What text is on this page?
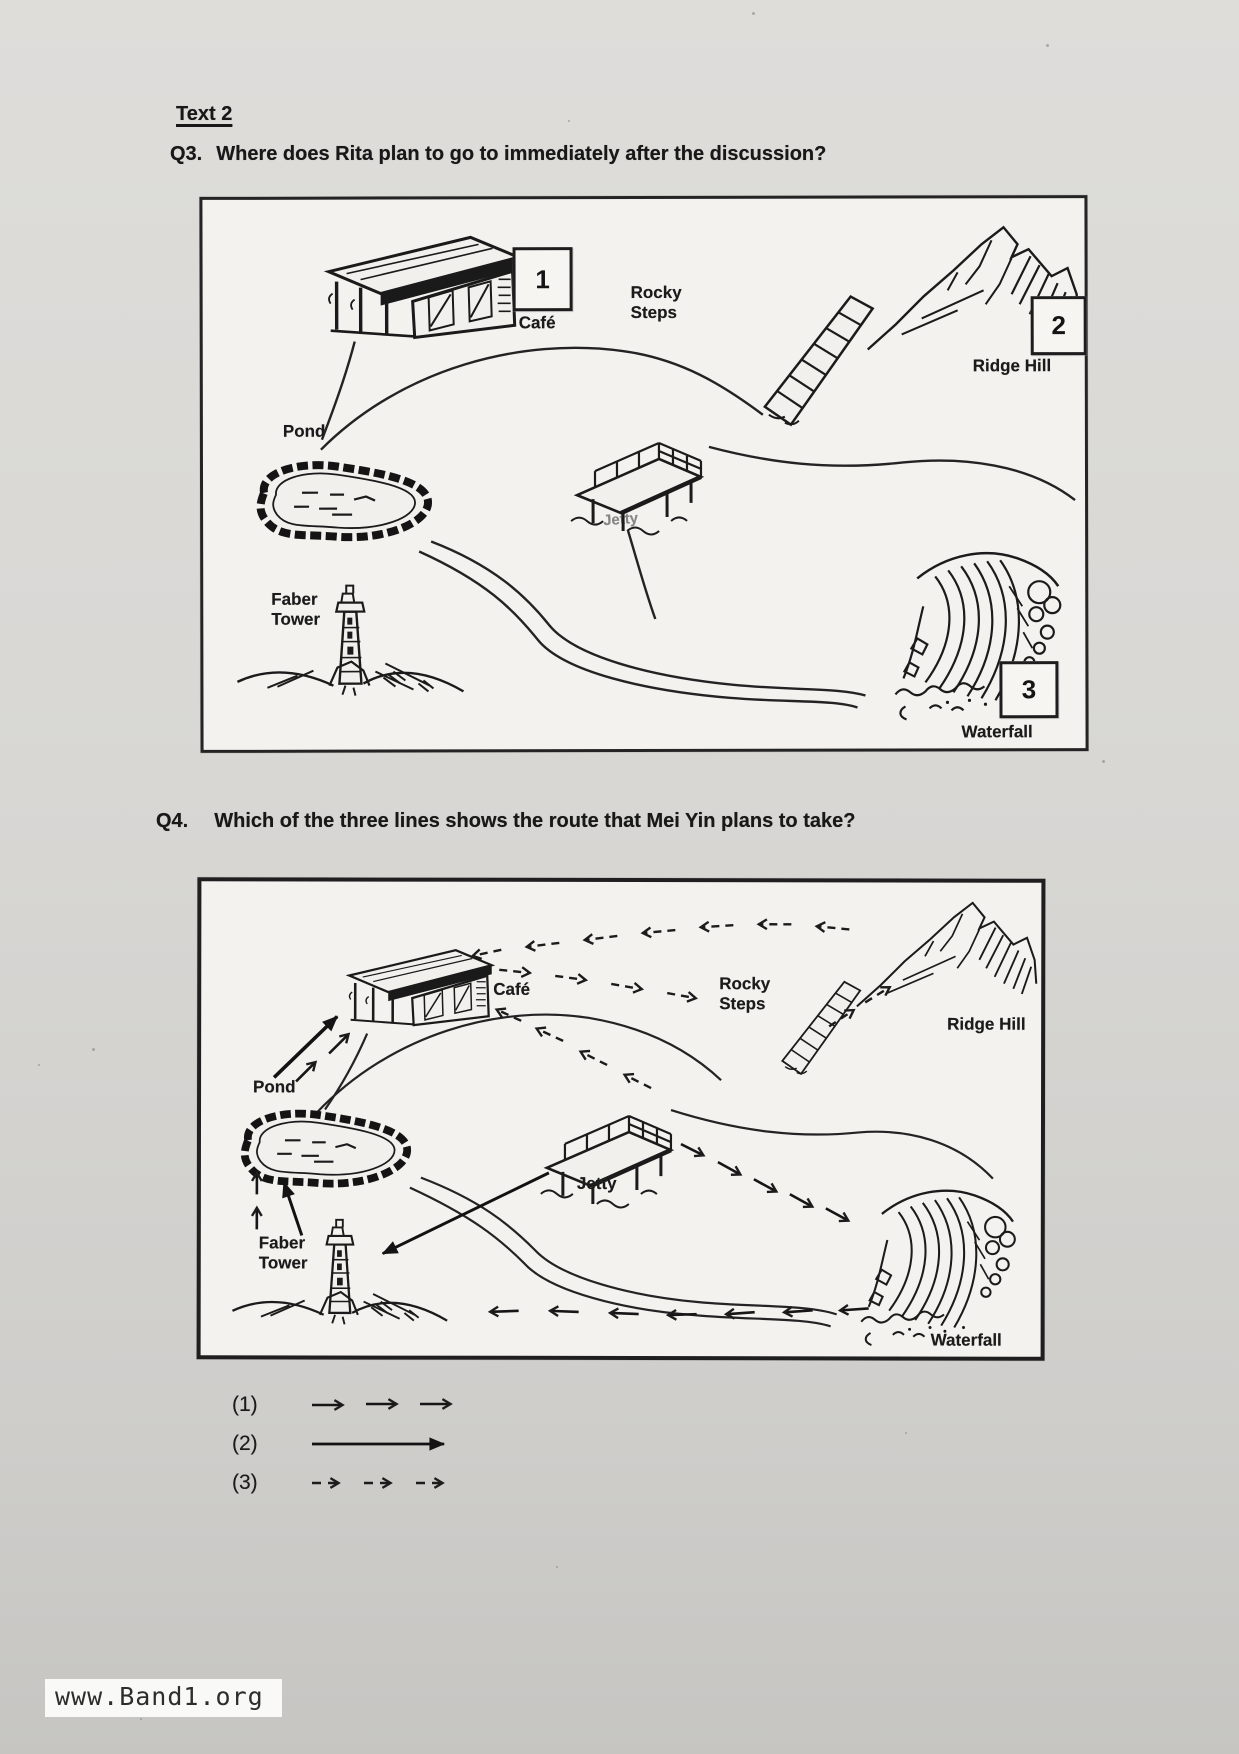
Text 2
Q3. Where does Rita plan to go to immediately after the discussion?
Café
Rocky
Steps
Ridge Hill
Pond
Jetty
Faber
Tower
Waterfall
1
2
3
Q4. Which of the three lines shows the route that Mei Yin plans to take?
Café	Rocky
Steps
Ridge Hill
Pond
Jetty
Faber
Tower
Waterfall
(1)
(2)
(3)
www.Band1.org
